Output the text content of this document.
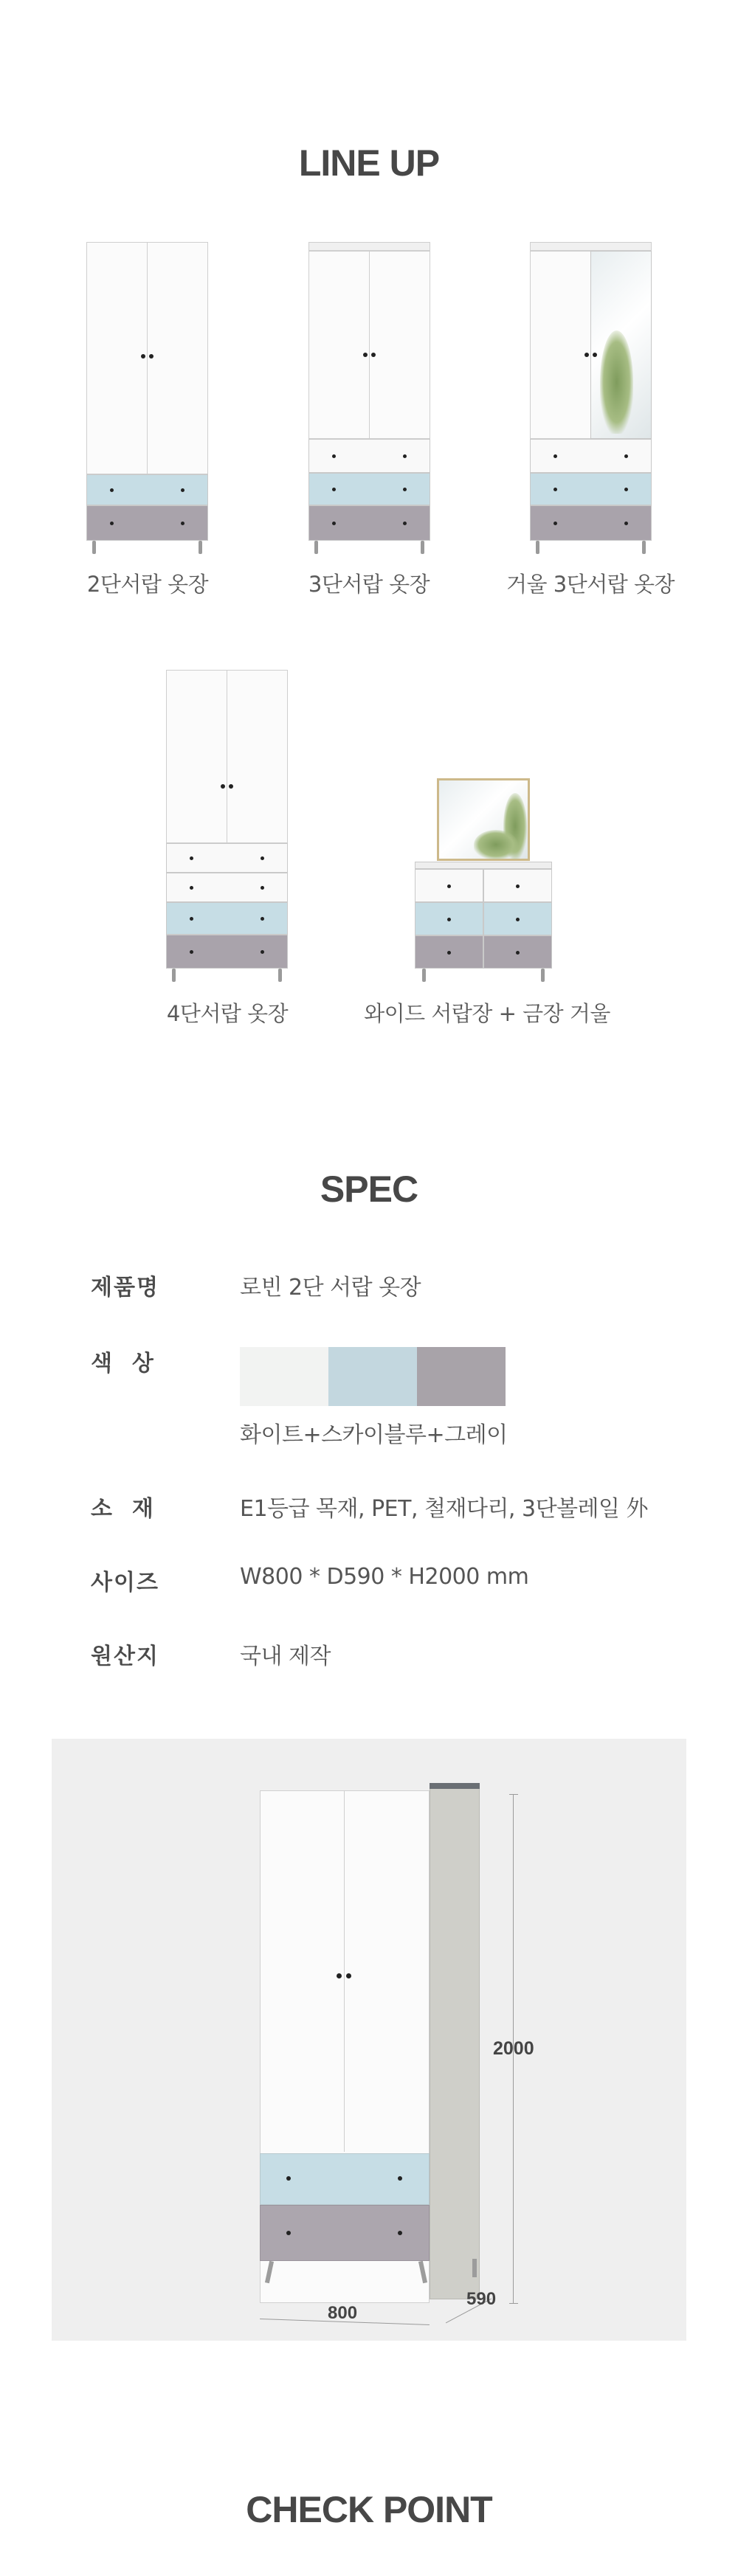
LINE UP
2단서랍 옷장	3단서랍 옷장	거울 3단서랍 옷장
4단서랍 옷장	와이드 서랍장 + 금장 거울
SPEC
제품명	로빈 2단 서랍 옷장
색  상
화이트+스카이블루+그레이
소  재	E1등급 목재, PET, 철재다리, 3단볼레일 外
사이즈	W800 * D590 * H2000 mm
원산지	국내 제작
2000
800
590
CHECK POINT
